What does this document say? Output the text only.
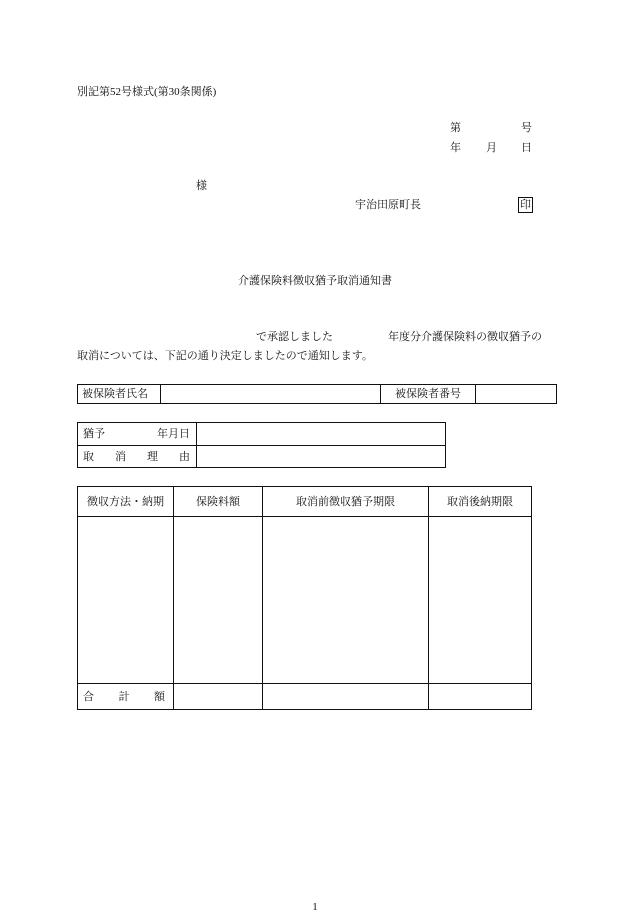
別記第52号様式(第30条関係)
第	号
年 月 日
様
宇治田原町長	印
介護保険料徴収猶予取消通知書
で承認しました	年度分介護保険料の徴収猶予の
取消については、下記の通り決定しましたので通知します。
被保険者氏名		被保険者番号	
猶予 年月日	

取 消 理 由	

徴収方法・納期	保険料額	取消前徴収猶予期限	取消後納期限

合 計 額			

1
